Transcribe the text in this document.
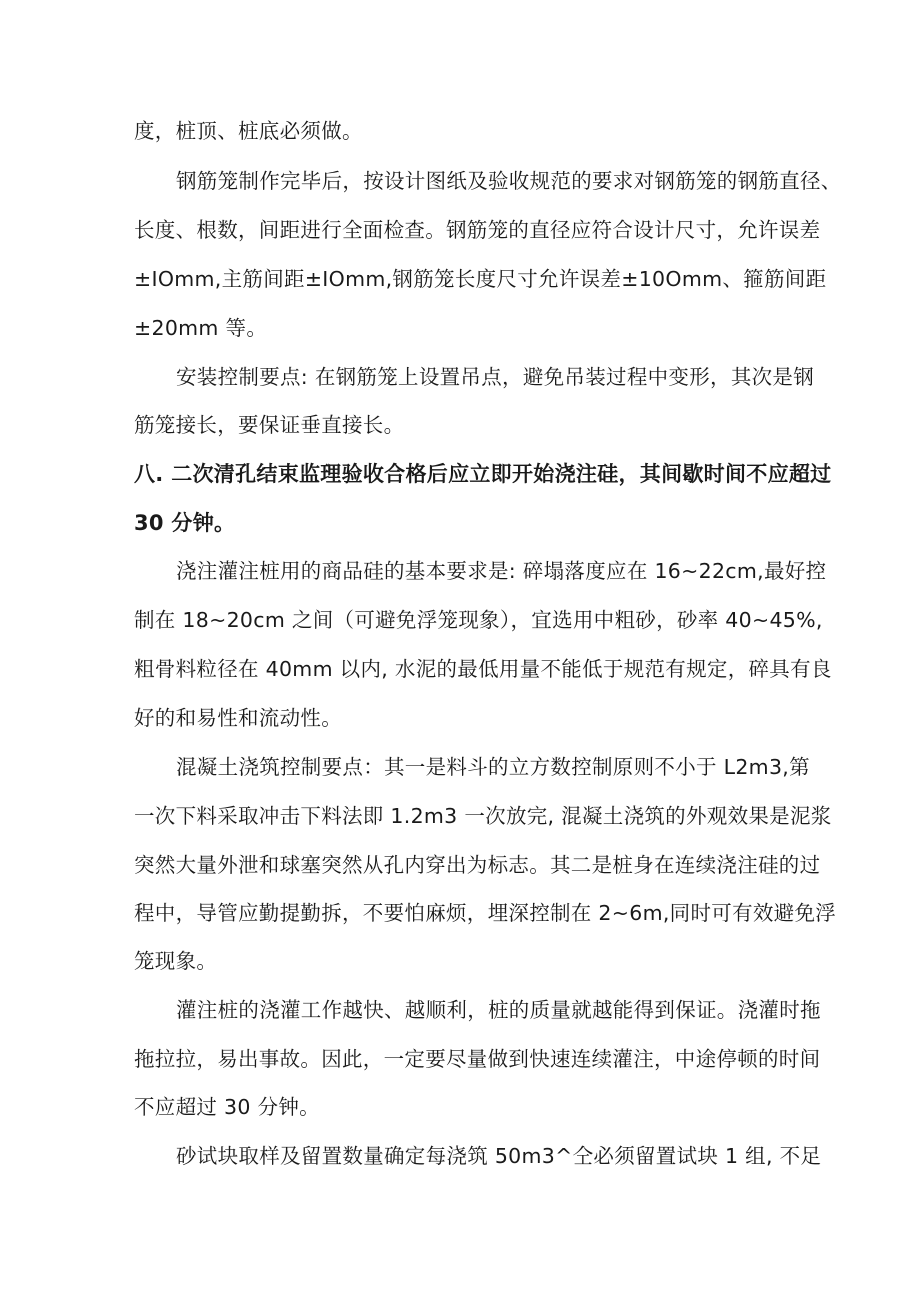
度，桩顶、桩底必须做。
钢筋笼制作完毕后，按设计图纸及验收规范的要求对钢筋笼的钢筋直径、
长度、根数，间距进行全面检查。钢筋笼的直径应符合设计尺寸，允许误差
±IOmm,主筋间距±IOmm,钢筋笼长度尺寸允许误差±10Omm、箍筋间距
±20mm 等。
安装控制要点: 在钢筋笼上设置吊点，避免吊装过程中变形，其次是钢
筋笼接长，要保证垂直接长。
八. 二次清孔结束监理验收合格后应立即开始浇注硅，其间歇时间不应超过
30 分钟。
浇注灌注桩用的商品硅的基本要求是: 碎塌落度应在 16~22cm,最好控
制在 18~20cm 之间（可避免浮笼现象），宜选用中粗砂，砂率 40~45%,
粗骨料粒径在 40mm 以内, 水泥的最低用量不能低于规范有规定，碎具有良
好的和易性和流动性。
混凝土浇筑控制要点：其一是料斗的立方数控制原则不小于 L2m3,第
一次下料采取冲击下料法即 1.2m3 一次放完, 混凝土浇筑的外观效果是泥浆
突然大量外泄和球塞突然从孔内穿出为标志。其二是桩身在连续浇注硅的过
程中，导管应勤提勤拆，不要怕麻烦，埋深控制在 2~6m,同时可有效避免浮
笼现象。
灌注桩的浇灌工作越快、越顺利，桩的质量就越能得到保证。浇灌时拖
拖拉拉，易出事故。因此，一定要尽量做到快速连续灌注，中途停顿的时间
不应超过 30 分钟。
砂试块取样及留置数量确定每浇筑 50m3^仝必须留置试块 1 组, 不足
